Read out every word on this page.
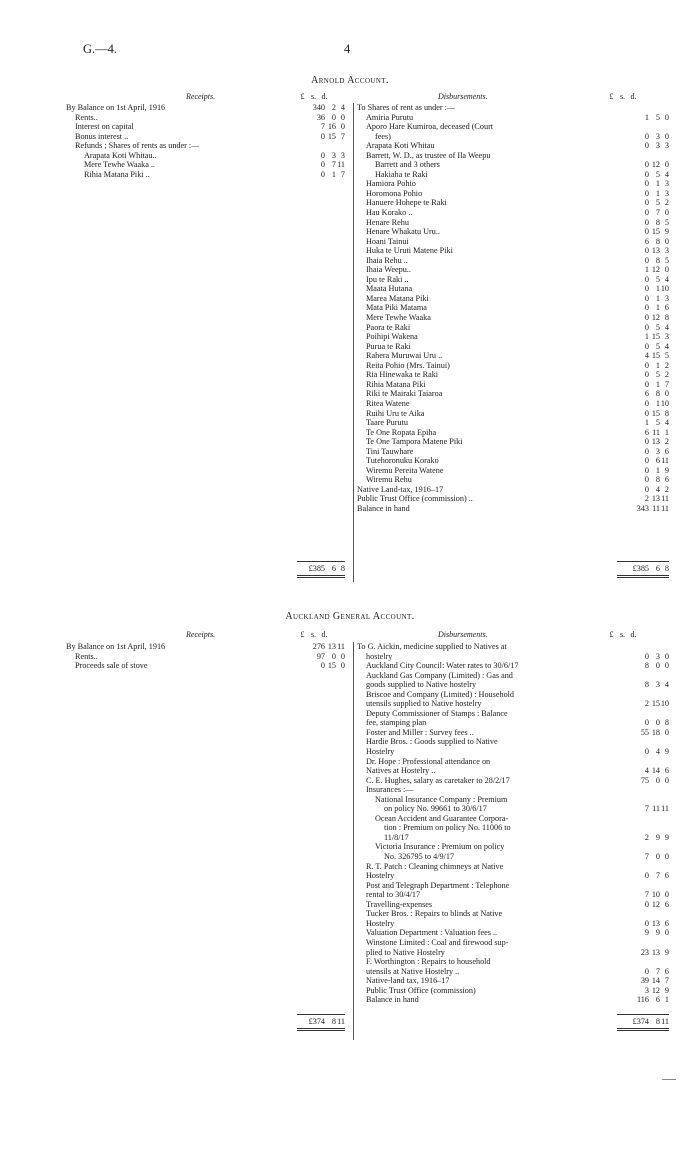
G.—4.	4
Arnold Account.
Receipts.	£ s. d.	Disbursements.	£ s. d.
By Balance on 1st April, 1916	340 2 4
Rents..	36 0 0
Interest on capital	7 16 0
Bonus interest ..	0 15 7
Refunds ; Shares of rents as under :—
Arapata Koti Whitau..	0 3 3
Mere Tewhe Waaka ..	0 7 11
Rihia Matana Piki ..	0 1 7
To Shares of rent as under :—
Amiria Purutu	1 5 0
Aporo Hare Kumiroa, deceased (Court
fees)	0 3 0
Arapata Koti Whitau	0 3 3
Barrett, W. D., as trustee of Ila Weepu
Barrett and 3 others	0 12 0
Hakiaha te Raki	0 5 4
Hamiora Pohio	0 1 3
Horomona Pohio	0 1 3
Hanuere Hohepe te Raki	0 5 2
Hau Korako ..	0 7 0
Henare Rehu	0 8 5
Henare Whakatu Uru..	0 15 9
Hoani Tainui	6 8 0
Huka te Uruti Matene Piki	0 13 3
Ihaia Rehu ..	0 8 5
Ihaia Weepu..	1 12 0
Ipu te Raki ..	0 5 4
Maata Hutana	0 1 10
Marea Matana Piki	0 1 3
Mata Piki Matama	0 1 6
Mere Tewhe Waaka	0 12 8
Paora te Raki	0 5 4
Poihipi Wakena	1 15 3
Purua te Raki	0 5 4
Rahera Muruwai Uru ..	4 15 5
Reita Pohio (Mrs. Tainui)	0 1 2
Ria Hinewaka te Raki	0 5 2
Rihia Matana Piki	0 1 7
Riki te Mairaki Taiaroa	6 8 0
Ritea Watene	0 1 10
Ruihi Uru te Aika	0 15 8
Taare Purutu	1 5 4
Te One Ropata Epiha	6 11 1
Te One Tampora Matene Piki	0 13 2
Tini Tauwhare	0 3 6
Tutehoronuku Korako	0 6 11
Wiremu Pereita Watene	0 1 9
Wiremu Rehu	0 8 6
Native Land-tax, 1916–17	0 4 2
Public Trust Office (commission) ..	2 13 11
Balance in hand	343 11 11
£385 6 8	£385 6 8
Auckland General Account.
Receipts.	£ s. d.	Disbursements.	£ s. d.
By Balance on 1st April, 1916	276 13 11
Rents..	97 0 0
Proceeds sale of stove	0 15 0
To G. Aickin, medicine supplied to Natives at
hostelry	0 3 0
Auckland City Council: Water rates to 30/6/17	8 0 0
Auckland Gas Company (Limited) : Gas and
goods supplied to Native hostelry	8 3 4
Briscoe and Company (Limited) : Household
utensils supplied to Native hostelry	2 15 10
Deputy Commissioner of Stamps : Balance
fee, stamping plan	0 0 8
Foster and Miller : Survey fees ..	55 18 0
Hardie Bros. : Goods supplied to Native
Hostelry	0 4 9
Dr. Hope : Professional attendance on
Natives at Hostelry ..	4 14 6
C. E. Hughes, salary as caretaker to 28/2/17	75 0 0
Insurances :—
National Insurance Company : Premium
on policy No. 99661 to 30/6/17	7 11 11
Ocean Accident and Guarantee Corpora-
tion : Premium on policy No. 11006 to
11/8/17	2 9 9
Victoria Insurance : Premium on policy
No. 326795 to 4/9/17	7 0 0
R. T. Patch : Cleaning chimneys at Native
Hostelry	0 7 6
Post and Telegraph Department : Telephone
rental to 30/4/17	7 10 0
Travelling-expenses	0 12 6
Tucker Bros. : Repairs to blinds at Native
Hostelry	0 13 6
Valuation Department : Valuation fees ..	9 9 0
Winstone Limited : Coal and firewood sup-
plied to Native Hostelry	23 13 9
F. Worthington : Repairs to household
utensils at Native Hostelry ..	0 7 6
Native-land tax, 1916–17	39 14 7
Public Trust Office (commission)	3 12 9
Balance in hand	116 6 1
£374 8 11	£374 8 11
